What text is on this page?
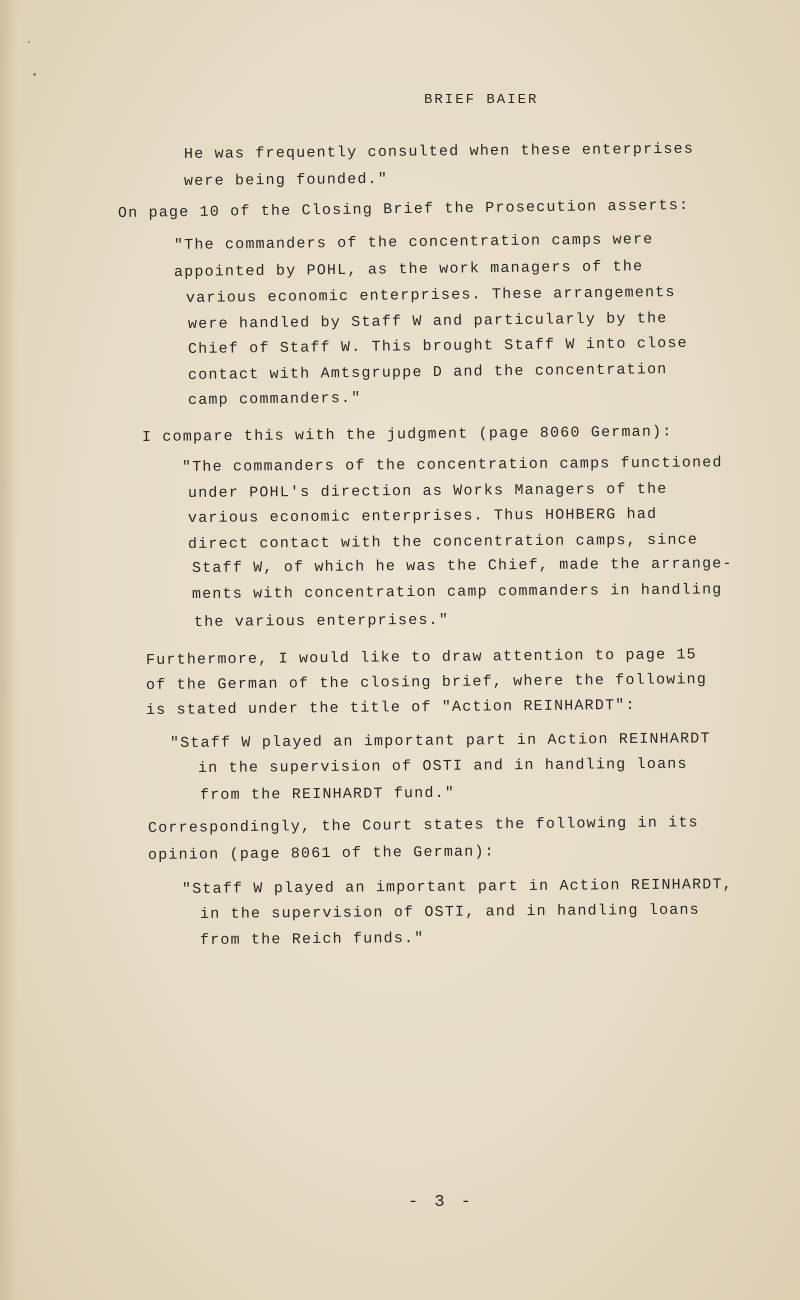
BRIEF BAIER
He was frequently consulted when these enterprises
were being founded."
On page 10 of the Closing Brief the Prosecution asserts:
"The commanders of the concentration camps were
appointed by POHL, as the work managers of the
various economic enterprises. These arrangements
were handled by Staff W and particularly by the
Chief of Staff W. This brought Staff W into close
contact with Amtsgruppe D and the concentration
camp commanders."
I compare this with the judgment (page 8060 German):
"The commanders of the concentration camps functioned
under POHL's direction as Works Managers of the
various economic enterprises. Thus HOHBERG had
direct contact with the concentration camps, since
Staff W, of which he was the Chief, made the arrange-
ments with concentration camp commanders in handling
the various enterprises."
Furthermore, I would like to draw attention to page 15
of the German of the closing brief, where the following
is stated under the title of "Action REINHARDT":
"Staff W played an important part in Action REINHARDT
in the supervision of OSTI and in handling loans
from the REINHARDT fund."
Correspondingly, the Court states the following in its
opinion (page 8061 of the German):
"Staff W played an important part in Action REINHARDT,
in the supervision of OSTI, and in handling loans
from the Reich funds."
- 3 -
